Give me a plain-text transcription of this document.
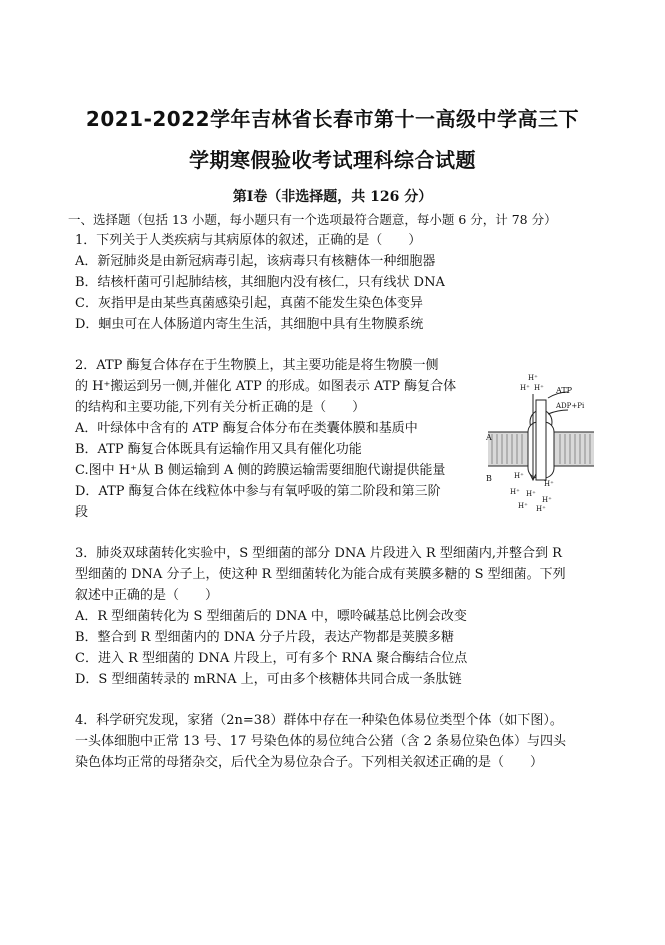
2021-2022学年吉林省长春市第十一高级中学高三下
学期寒假验收考试理科综合试题
第Ⅰ卷（非选择题，共 126 分）
一、选择题（包括 13 小题，每小题只有一个选项最符合题意，每小题 6 分，计 78 分）
1．下列关于人类疾病与其病原体的叙述，正确的是（　　）
A．新冠肺炎是由新冠病毒引起，该病毒只有核糖体一种细胞器
B．结核杆菌可引起肺结核，其细胞内没有核仁，只有线状 DNA
C．灰指甲是由某些真菌感染引起，真菌不能发生染色体变异
D．蛔虫可在人体肠道内寄生生活，其细胞中具有生物膜系统
2．ATP 酶复合体存在于生物膜上，其主要功能是将生物膜一侧
的 H⁺搬运到另一侧,并催化 ATP 的形成。如图表示 ATP 酶复合体
的结构和主要功能,下列有关分析正确的是（　　）
A．叶绿体中含有的 ATP 酶复合体分布在类囊体膜和基质中
B．ATP 酶复合体既具有运输作用又具有催化功能
C.图中 H⁺从 B 侧运输到 A 侧的跨膜运输需要细胞代谢提供能量
D．ATP 酶复合体在线粒体中参与有氧呼吸的第二阶段和第三阶
段
ATP
ADP+Pi
A
B
H⁺
H⁺ H⁺
H⁺
H⁺
H⁺ H⁺
H⁺
H⁺ H⁺
3．肺炎双球菌转化实验中，S 型细菌的部分 DNA 片段进入 R 型细菌内,并整合到 R
型细菌的 DNA 分子上，使这种 R 型细菌转化为能合成有荚膜多糖的 S 型细菌。下列
叙述中正确的是（　　）
A．R 型细菌转化为 S 型细菌后的 DNA 中，嘌呤碱基总比例会改变
B．整合到 R 型细菌内的 DNA 分子片段，表达产物都是荚膜多糖
C．进入 R 型细菌的 DNA 片段上，可有多个 RNA 聚合酶结合位点
D．S 型细菌转录的 mRNA 上，可由多个核糖体共同合成一条肽链
4．科学研究发现，家猪（2n=38）群体中存在一种染色体易位类型个体（如下图）。
一头体细胞中正常 13 号、17 号染色体的易位纯合公猪（含 2 条易位染色体）与四头
染色体均正常的母猪杂交，后代全为易位杂合子。下列相关叙述正确的是（　　）
